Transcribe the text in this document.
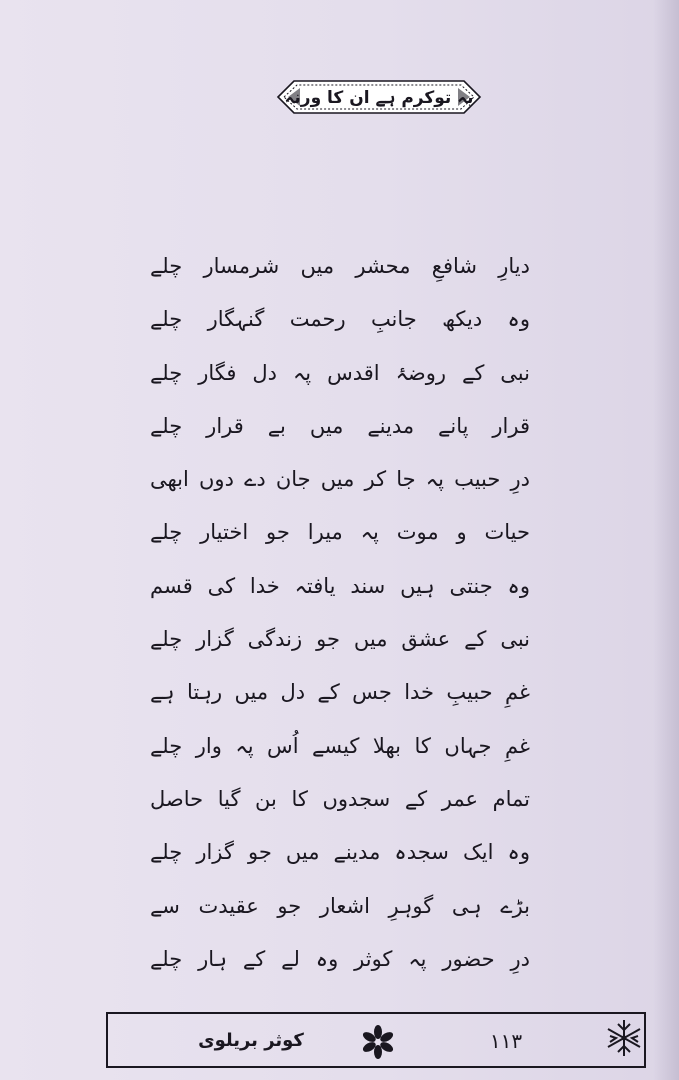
یہ توکرم ہے ان کا ورنہ
دیارِ شافعِ محشر میں شرمسار چلے
وہ دیکھ جانبِ رحمت گنہگار چلے
نبی کے روضۂ اقدس پہ دل فگار چلے
قرار پانے مدینے میں بے قرار چلے
درِ حبیب پہ جا کر میں جان دے دوں ابھی
حیات و موت پہ میرا جو اختیار چلے
وہ جنتی ہیں سند یافتہ خدا کی قسم
نبی کے عشق میں جو زندگی گزار چلے
غمِ حبیبِ خدا جس کے دل میں رہتا ہے
غمِ جہاں کا بھلا کیسے اُس پہ وار چلے
تمام عمر کے سجدوں کا بن گیا حاصل
وہ ایک سجدہ مدینے میں جو گزار چلے
بڑے ہی گوہرِ اشعار جو عقیدت سے
درِ حضور پہ کوثر وہ لے کے ہار چلے
کوثر بریلوی	۱۱۳
